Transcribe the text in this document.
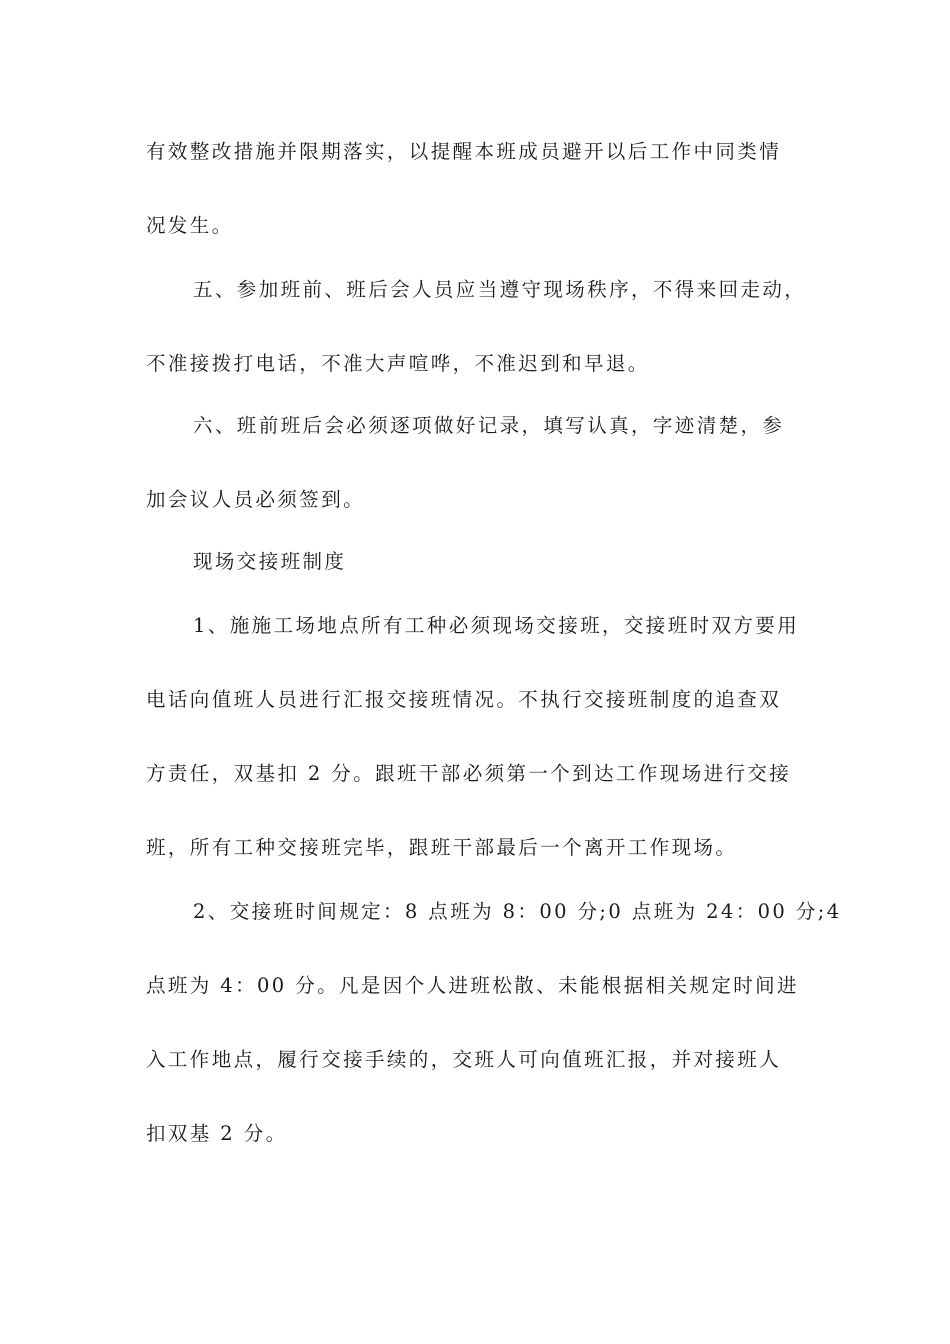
有效整改措施并限期落实，以提醒本班成员避开以后工作中同类情
况发生。
五、参加班前、班后会人员应当遵守现场秩序，不得来回走动，
不准接拨打电话，不准大声喧哗，不准迟到和早退。
六、班前班后会必须逐项做好记录，填写认真，字迹清楚，参
加会议人员必须签到。
现场交接班制度
1、施施工场地点所有工种必须现场交接班，交接班时双方要用
电话向值班人员进行汇报交接班情况。不执行交接班制度的追查双
方责任，双基扣 2 分。跟班干部必须第一个到达工作现场进行交接
班，所有工种交接班完毕，跟班干部最后一个离开工作现场。
2、交接班时间规定：8 点班为 8：00 分;0 点班为 24：00 分;4
点班为 4：00 分。凡是因个人进班松散、未能根据相关规定时间进
入工作地点，履行交接手续的，交班人可向值班汇报，并对接班人
扣双基 2 分。
